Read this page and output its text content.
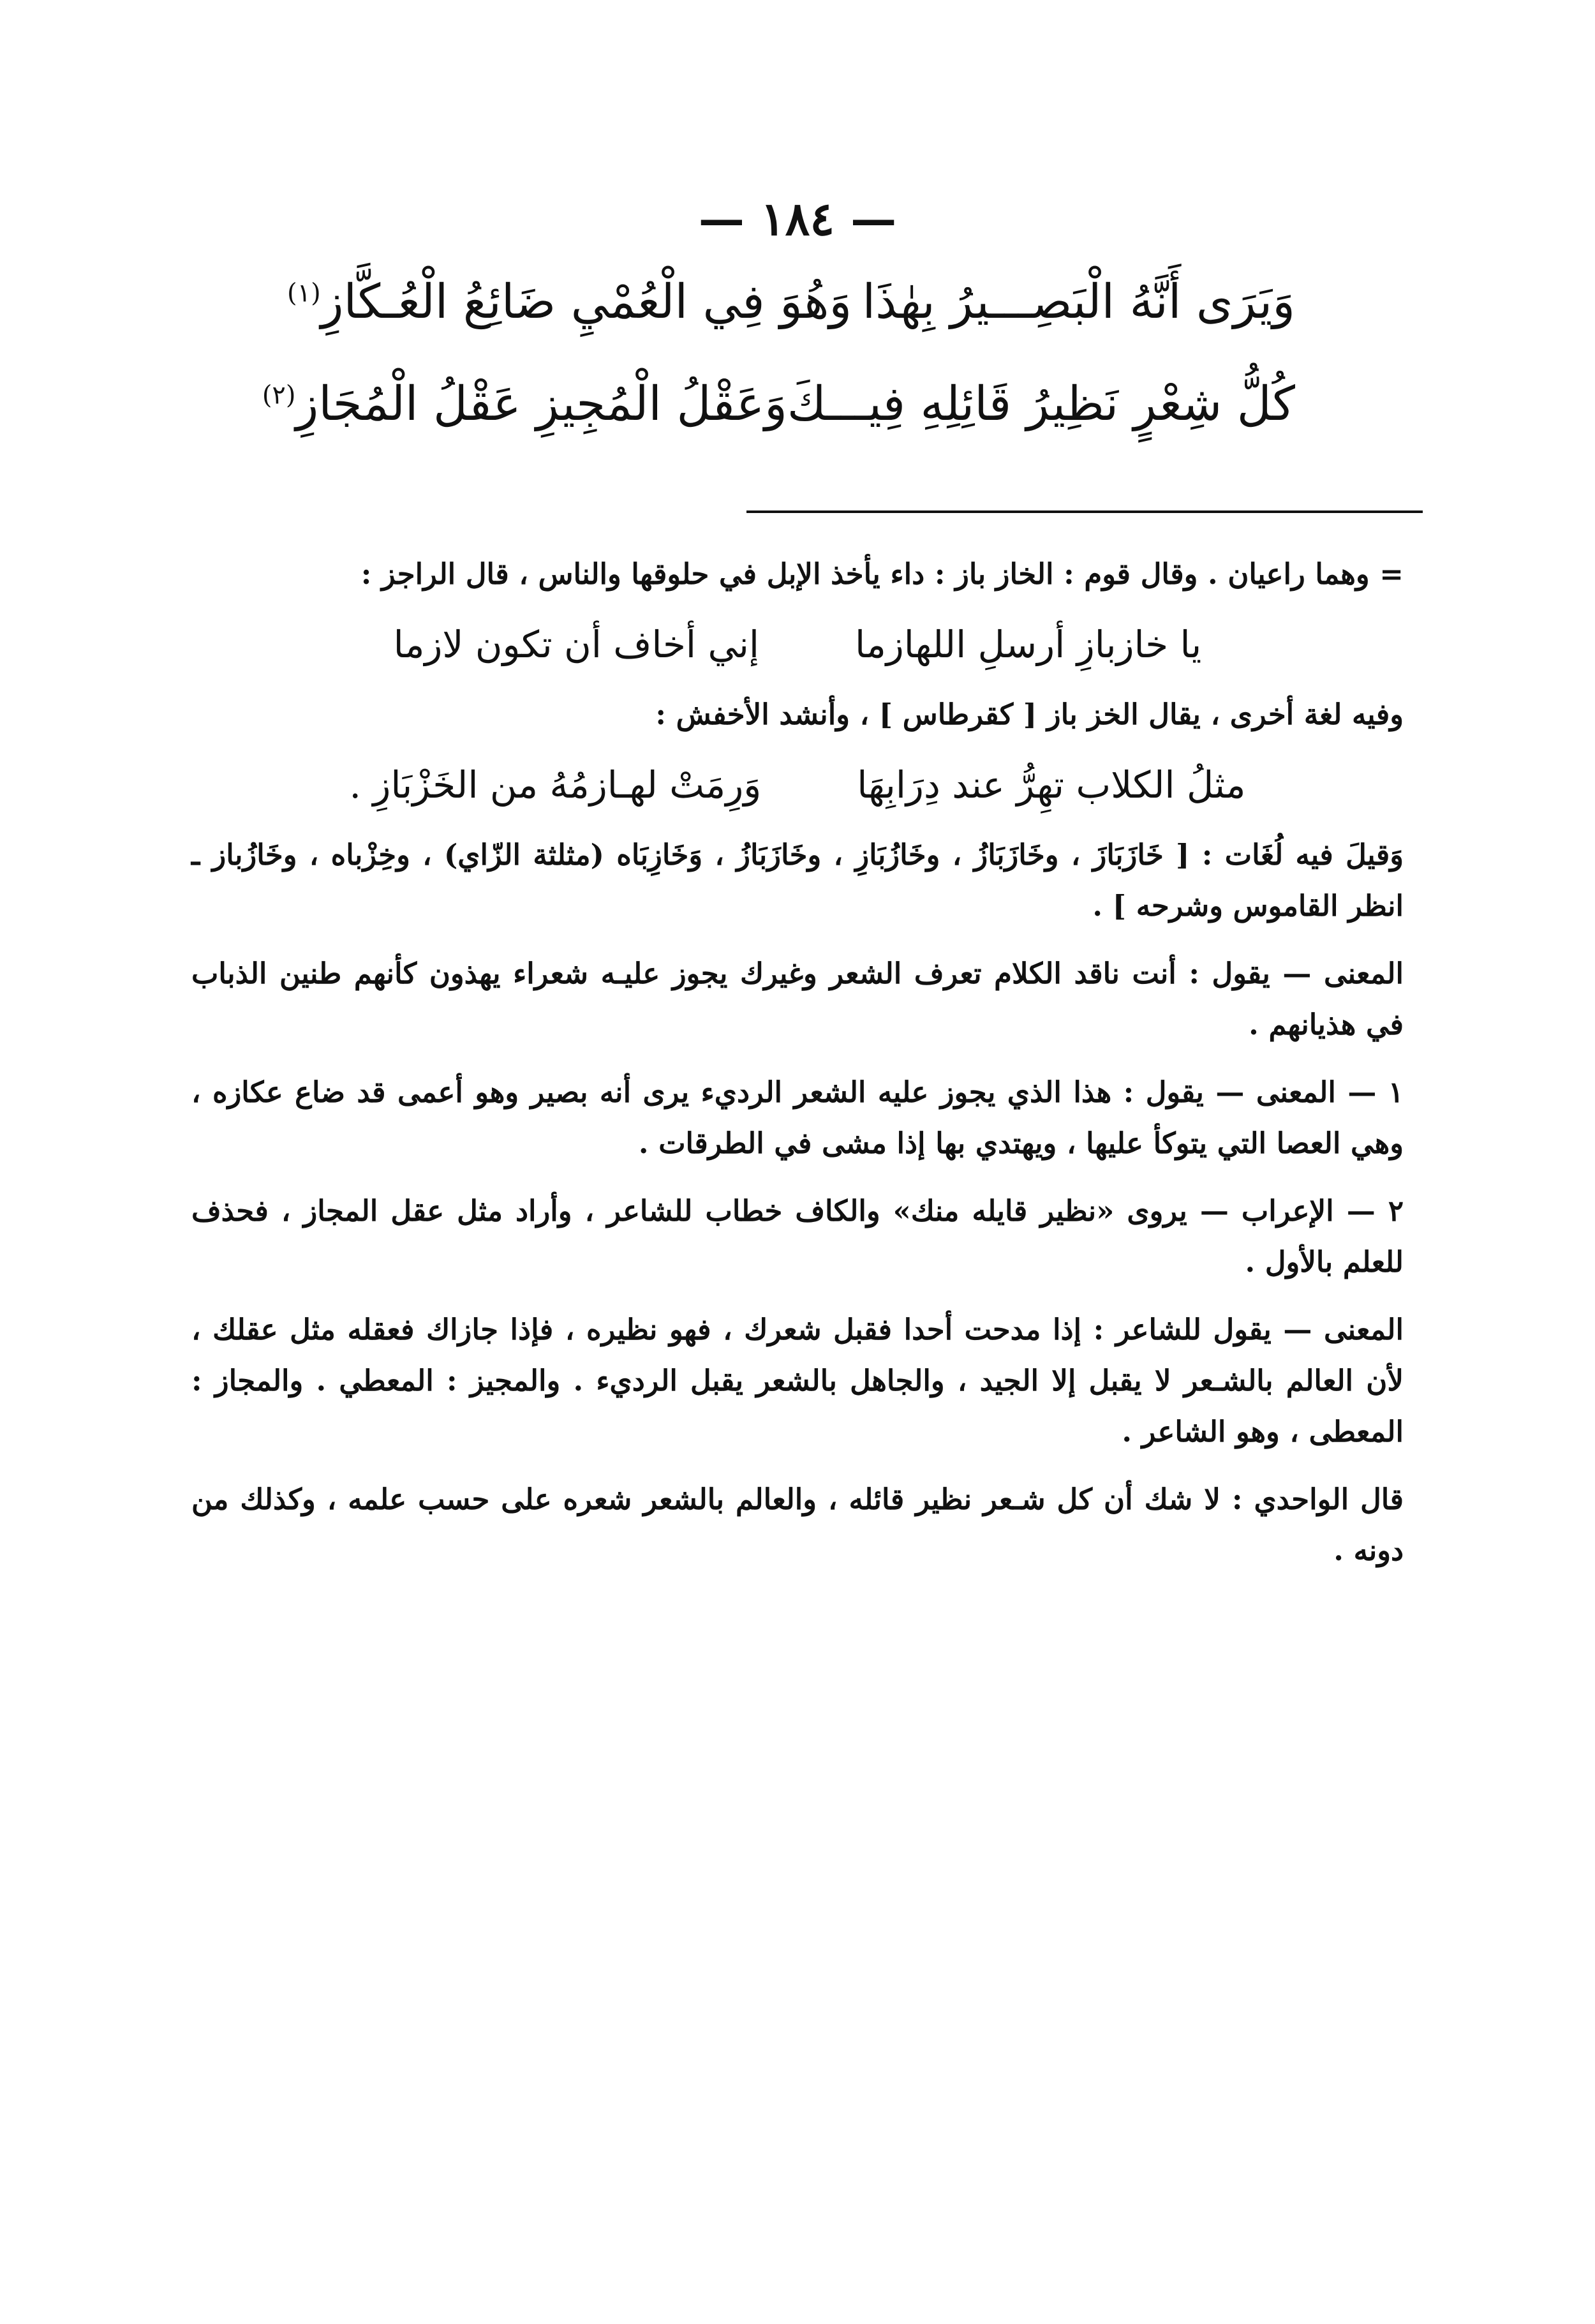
— ١٨٤ —
وَيَرَى أَنَّهُ الْبَصِـــيرُ بِهٰذَا
وَهُوَ فِي الْعُمْيِ ضَائِعُ الْعُـكَّازِ$^{(١)}$
كُلُّ شِعْرٍ نَظِيرُ قَائِلِهِ فِيـــكَ
وَعَقْلُ الْمُجِيزِ عَقْلُ الْمُجَازِ$^{(٢)}$

= وهما راعيان . وقال قوم : الخاز باز : داء يأخذ الإبل في حلوقها والناس ، قال الراجز :

يا خازبازِ أرسلِ اللهازما
إني أخاف أن تكون لازما

وفيه لغة أخرى ، يقال الخز باز [ كقرطاس ] ، وأنشد الأخفش :

مثلُ الكلاب تهِرُّ عند دِرَابِهَا
وَرِمَتْ لهـازمُهُ من الخَزْبَازِ .

وَقيلَ فيه لُغَات : [ خَازَبَازَ ، وخَازَبَازُ ، وخَازُبَازِ ، وخَازَبَازُ ، وَخَازِبَاه (مثلثة الزّاي) ، وخِزْباه ، وخَازُباز ـ انظر القاموس وشرحه ] .

المعنى — يقول : أنت ناقد الكلام تعرف الشعر وغيرك يجوز عليـه شعراء يهذون كأنهم طنين الذباب في هذيانهم .

١ — المعنى — يقول : هذا الذي يجوز عليه الشعر الرديء يرى أنه بصير وهو أعمى قد ضاع عكازه ، وهي العصا التي يتوكأ عليها ، ويهتدي بها إذا مشى في الطرقات .

٢ — الإعراب — يروى «نظير قايله منك» والكاف خطاب للشاعر ، وأراد مثل عقل المجاز ، فحذف للعلم بالأول .

المعنى — يقول للشاعر : إذا مدحت أحدا فقبل شعرك ، فهو نظيره ، فإذا جازاك فعقله مثل عقلك ، لأن العالم بالشـعر لا يقبل إلا الجيد ، والجاهل بالشعر يقبل الرديء . والمجيز : المعطي . والمجاز : المعطى ، وهو الشاعر .

قال الواحدي : لا شك أن كل شـعر نظير قائله ، والعالم بالشعر شعره على حسب علمه ، وكذلك من دونه .
